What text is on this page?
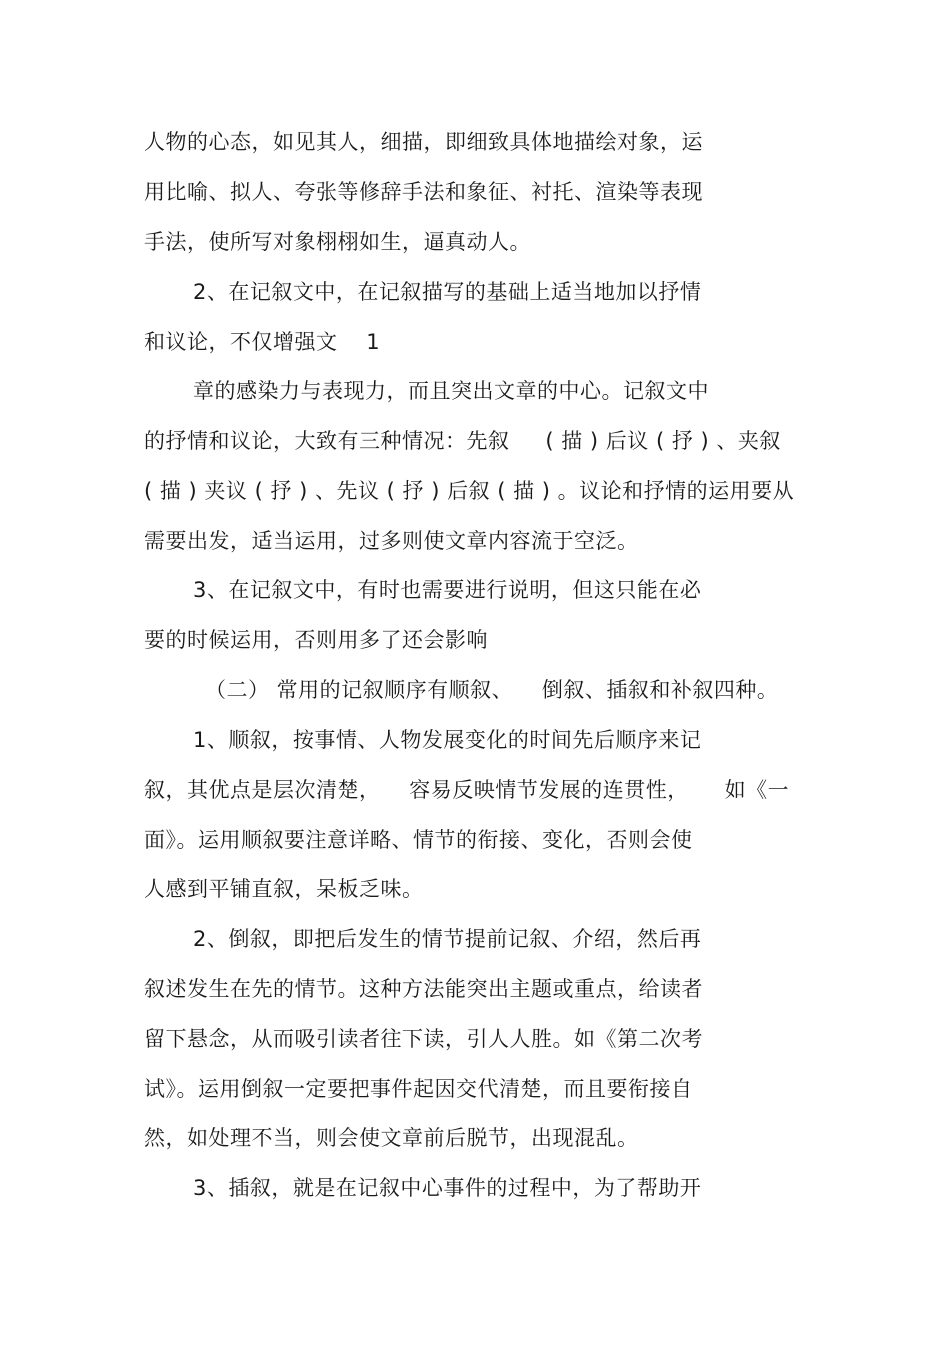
人物的心态，如见其人，细描，即细致具体地描绘对象，运
用比喻、拟人、夸张等修辞手法和象征、衬托、渲染等表现
手法，使所写对象栩栩如生，逼真动人。
2、在记叙文中，在记叙描写的基础上适当地加以抒情
和议论，不仅增强文    1
章的感染力与表现力，而且突出文章的中心。记叙文中
的抒情和议论，大致有三种情况：先叙     ( 描 ) 后议 ( 抒 ) 、夹叙
( 描 ) 夹议 ( 抒 ) 、先议 ( 抒 ) 后叙 ( 描 ) 。议论和抒情的运用要从
需要出发，适当运用，过多则使文章内容流于空泛。
3、在记叙文中，有时也需要进行说明，但这只能在必
要的时候运用，否则用多了还会影响
（二） 常用的记叙顺序有顺叙、    倒叙、插叙和补叙四种。
1、顺叙，按事情、人物发展变化的时间先后顺序来记
叙，其优点是层次清楚，    容易反映情节发展的连贯性，     如《一
面》。运用顺叙要注意详略、情节的衔接、变化，否则会使
人感到平铺直叙，呆板乏味。
2、倒叙，即把后发生的情节提前记叙、介绍，然后再
叙述发生在先的情节。这种方法能突出主题或重点，给读者
留下悬念，从而吸引读者往下读，引人人胜。如《第二次考
试》。运用倒叙一定要把事件起因交代清楚，而且要衔接自
然，如处理不当，则会使文章前后脱节，出现混乱。
3、插叙，就是在记叙中心事件的过程中，为了帮助开
